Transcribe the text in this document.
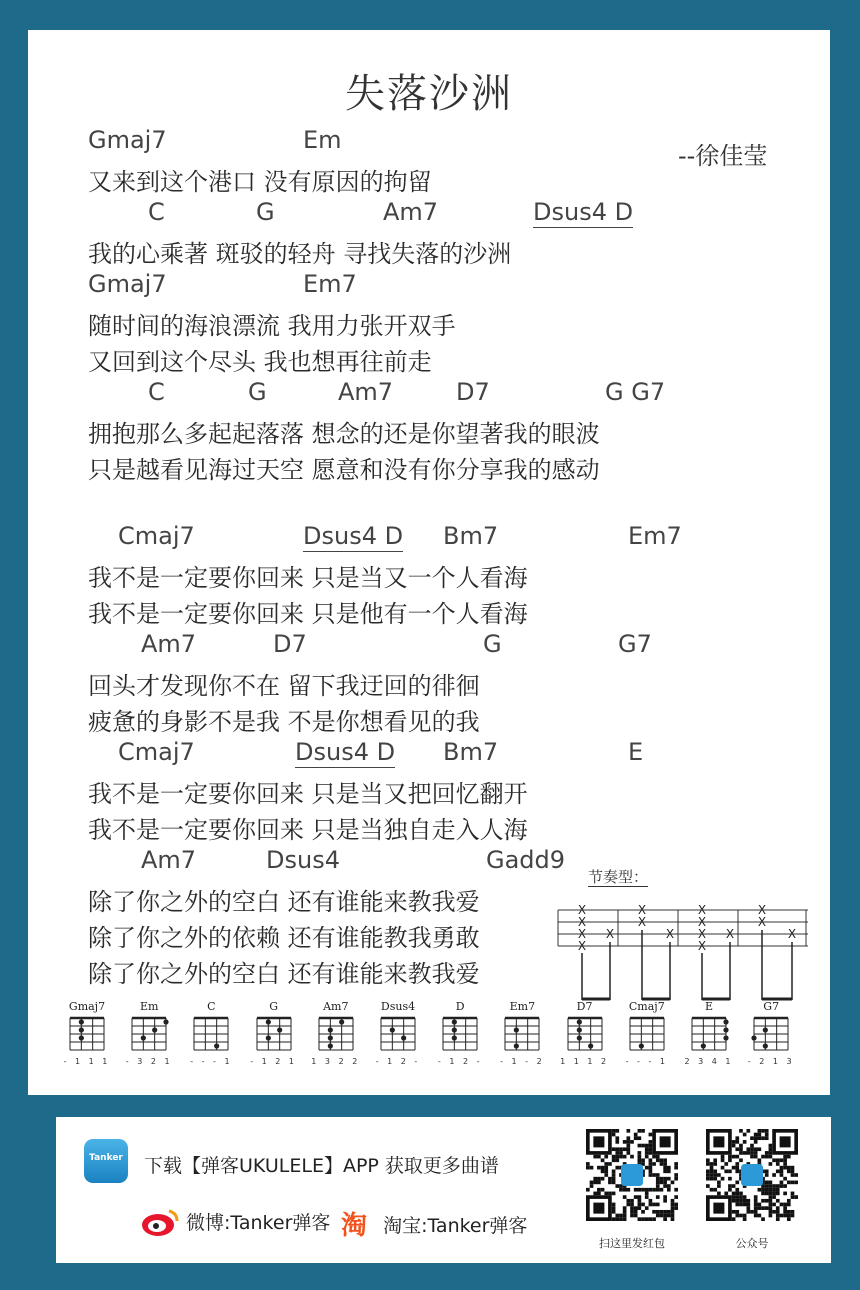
失落沙洲
--徐佳莹
Gmaj7	Em
又来到这个港口 没有原因的拘留
C	G	Am7	Dsus4 D
我的心乘著 斑驳的轻舟 寻找失落的沙洲
Gmaj7	Em7
随时间的海浪漂流 我用力张开双手
又回到这个尽头 我也想再往前走
C	G	Am7	D7	G G7
拥抱那么多起起落落 想念的还是你望著我的眼波
只是越看见海过天空 愿意和没有你分享我的感动
Cmaj7	Dsus4 D Bm7	Em7
我不是一定要你回来 只是当又一个人看海
我不是一定要你回来 只是他有一个人看海
Am7	D7	G	G7
回头才发现你不在 留下我迂回的徘徊
疲惫的身影不是我 不是你想看见的我
Cmaj7	Dsus4 D Bm7	E
我不是一定要你回来 只是当又把回忆翻开
我不是一定要你回来 只是当独自走入人海
Am7	Dsus4	Gadd9
除了你之外的空白 还有谁能来教我爱
除了你之外的依赖 还有谁能教我勇敢
除了你之外的空白 还有谁能来教我爱
节奏型：
X
X
X
X
X
X
X
X
X
X
X
X
X
X
X
X
Gmaj7
- 1 1 1
Em
- 3 2 1
C
- - - 1
G
- 1 2 1
Am7
1 3 2 2
Dsus4
- 1 2 -
D
- 1 2 -
Em7
- 1 - 2
D7
1 1 1 2
Cmaj7
- - - 1
E
2 3 4 1
G7
- 2 1 3
Tanker 下载【弹客UKULELE】APP 获取更多曲谱
微博:Tanker弹客 淘 淘宝:Tanker弹客
扫这里发红包	公众号
